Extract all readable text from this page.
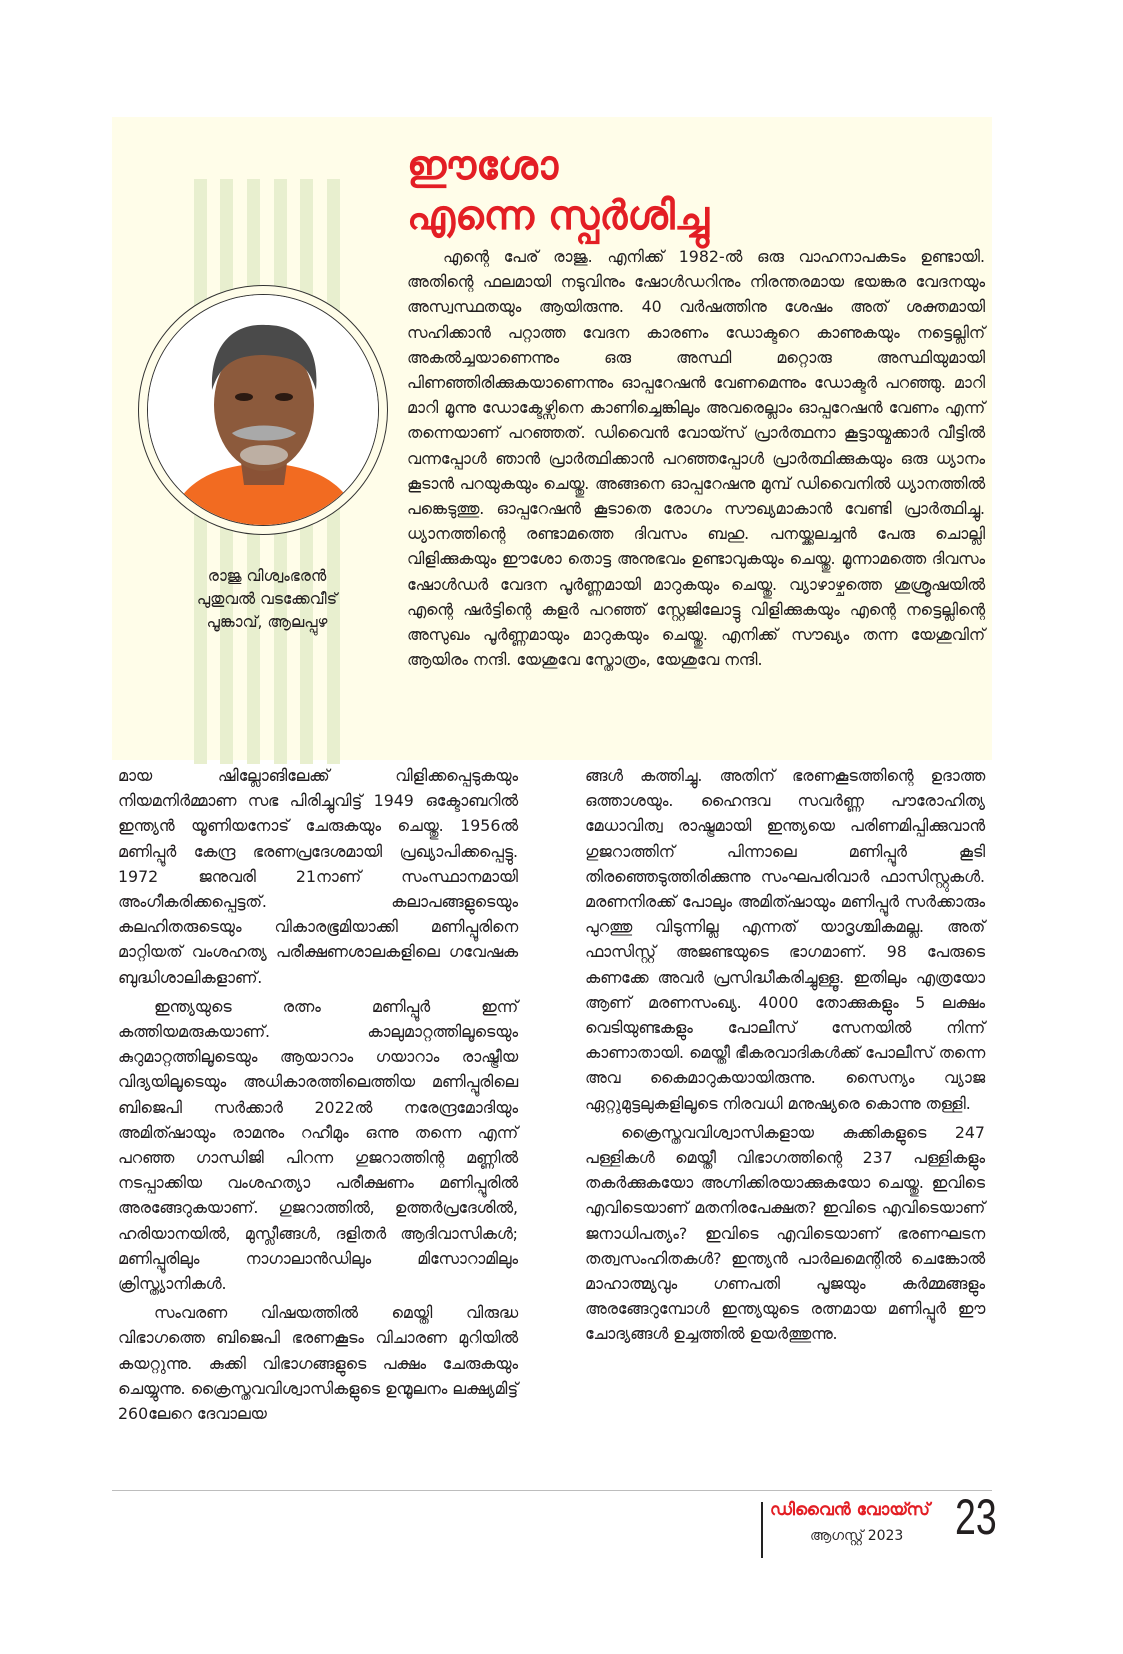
രാജു വിശ്വംഭരൻ
പുതുവൽ വടക്കേവീട്
പൂങ്കാവ്, ആലപ്പുഴ
ഈശോ
എന്നെ സ്പർശിച്ചു

എന്റെ പേര് രാജു. എനിക്ക് 1982-ൽ ഒരു വാഹനാപകടം ഉണ്ടായി. അതിന്റെ ഫലമായി നടുവിനും ഷോൾഡറിനും നിരന്തരമായ ഭയങ്കര വേദനയും അസ്വസ്ഥതയും ആയിരുന്നു. 40 വർഷത്തിനു ശേഷം അത് ശക്തമായി സഹിക്കാൻ പറ്റാത്ത വേദന കാരണം ഡോക്ടറെ കാണുകയും നട്ടെല്ലിന് അകൽച്ചയാണെന്നും ഒരു അസ്ഥി മറ്റൊരു അസ്ഥിയുമായി പിണഞ്ഞിരിക്കുകയാണെന്നും ഓപ്പറേഷൻ വേണമെന്നും ഡോക്ടർ പറഞ്ഞു. മാറി മാറി മൂന്നു ഡോക്ടേഴ്സിനെ കാണിച്ചെങ്കിലും അവരെല്ലാം ഓപ്പറേഷൻ വേണം എന്ന് തന്നെയാണ് പറഞ്ഞത്. ഡിവൈൻ വോയ്സ് പ്രാർത്ഥനാ കൂട്ടായ്മക്കാർ വീട്ടിൽ വന്നപ്പോൾ ഞാൻ പ്രാർത്ഥിക്കാൻ പറഞ്ഞപ്പോൾ പ്രാർത്ഥിക്കുകയും ഒരു ധ്യാനം കൂടാൻ പറയുകയും ചെയ്തു. അങ്ങനെ ഓപ്പറേഷനു മുമ്പ് ഡിവൈനിൽ ധ്യാനത്തിൽ പങ്കെടുത്തു. ഓപ്പറേഷൻ കൂടാതെ രോഗം സൗഖ്യമാകാൻ വേണ്ടി പ്രാർത്ഥിച്ചു. ധ്യാനത്തിന്റെ രണ്ടാമത്തെ ദിവസം ബഹു. പനയ്ക്കലച്ചൻ പേരു ചൊല്ലി വിളിക്കുകയും ഈശോ തൊട്ട അനുഭവം ഉണ്ടാവുകയും ചെയ്തു. മൂന്നാമത്തെ ദിവസം ഷോൾഡർ വേദന പൂർണ്ണമായി മാറുകയും ചെയ്തു. വ്യാഴാഴ്ചത്തെ ശുശ്രൂഷയിൽ എന്റെ ഷർട്ടിന്റെ കളർ പറഞ്ഞ് സ്റ്റേജിലോട്ടു വിളിക്കുകയും എന്റെ നട്ടെല്ലിന്റെ അസുഖം പൂർണ്ണമായും മാറുകയും ചെയ്തു. എനിക്ക് സൗഖ്യം തന്ന യേശുവിന് ആയിരം നന്ദി. യേശുവേ സ്തോത്രം, യേശുവേ നന്ദി.

മായ ഷില്ലോങിലേക്ക് വിളിക്കപ്പെടുകയും നിയമനിർമ്മാണ സഭ പിരിച്ചുവിട്ട് 1949 ഒക്ടോബറിൽ ഇന്ത്യൻ യൂണിയനോട് ചേരുകയും ചെയ്തു. 1956ൽ മണിപ്പൂർ കേന്ദ്ര ഭരണപ്രദേശമായി പ്രഖ്യാപിക്കപ്പെട്ടു. 1972 ജനുവരി 21നാണ് സംസ്ഥാനമായി അംഗീകരിക്കപ്പെട്ടത്. കലാപങ്ങളുടെയും കലഹിതരുടെയും വികാരഭൂമിയാക്കി മണിപ്പൂരിനെ മാറ്റിയത് വംശഹത്യ പരീക്ഷണശാലകളിലെ ഗവേഷക ബുദ്ധിശാലികളാണ്.

ഇന്ത്യയുടെ രത്നം മണിപ്പൂർ ഇന്ന് കത്തിയമരുകയാണ്. കാലുമാറ്റത്തിലൂടെയും കുറുമാറ്റത്തിലൂടെയും ആയാറാം ഗയാറാം രാഷ്ട്രീയ വിദ്യയിലൂടെയും അധികാരത്തിലെത്തിയ മണിപ്പൂരിലെ ബിജെപി സർക്കാർ 2022ൽ നരേന്ദ്രമോദിയും അമിത്ഷായും രാമനും റഹീമും ഒന്നു തന്നെ എന്ന് പറഞ്ഞ ഗാന്ധിജി പിറന്ന ഗുജറാത്തിന്റ മണ്ണിൽ നടപ്പാക്കിയ വംശഹത്യാ പരീക്ഷണം മണിപ്പൂരിൽ അരങ്ങേറുകയാണ്. ഗുജറാത്തിൽ, ഉത്തർപ്രദേശിൽ, ഹരിയാനയിൽ, മുസ്ലീങ്ങൾ, ദളിതർ ആദിവാസികൾ; മണിപ്പൂരിലും നാഗാലാൻഡിലും മിസോറാമിലും ക്രിസ്ത്യാനികൾ.

സംവരണ വിഷയത്തിൽ മെയ്തി വിരുദ്ധ വിഭാഗത്തെ ബിജെപി ഭരണകൂടം വിചാരണ മുറിയിൽ കയറ്റുന്നു. കുക്കി വിഭാഗങ്ങളുടെ പക്ഷം ചേരുകയും ചെയ്യുന്നു. ക്രൈസ്തവവിശ്വാസികളുടെ ഉന്മൂലനം ലക്ഷ്യമിട്ട് 260ലേറെ ദേവാലയ

ങ്ങൾ കത്തിച്ചു. അതിന് ഭരണകൂടത്തിന്റെ ഉദാത്ത ഒത്താശയും. ഹൈന്ദവ സവർണ്ണ പൗരോഹിത്യ മേധാവിത്വ രാഷ്ട്രമായി ഇന്ത്യയെ പരിണമിപ്പിക്കുവാൻ ഗുജറാത്തിന് പിന്നാലെ മണിപ്പൂർ കൂടി തിരഞ്ഞെടുത്തിരിക്കുന്നു സംഘപരിവാർ ഫാസിസ്റ്റുകൾ. മരണനിരക്ക് പോലും അമിത്ഷായും മണിപ്പൂർ സർക്കാരും പുറത്തു വിടുന്നില്ല എന്നത് യാദൃശ്ചികമല്ല. അത് ഫാസിസ്റ്റ് അജണ്ടയുടെ ഭാഗമാണ്. 98 പേരുടെ കണക്കേ അവർ പ്രസിദ്ധീകരിച്ചുള്ളൂ. ഇതിലും എത്രയോ ആണ് മരണസംഖ്യ. 4000 തോക്കുകളും 5 ലക്ഷം വെടിയുണ്ടകളും പോലീസ് സേനയിൽ നിന്ന് കാണാതായി. മെയ്തീ ഭീകരവാദികൾക്ക് പോലീസ് തന്നെ അവ കൈമാറുകയായിരുന്നു. സൈന്യം വ്യാജ ഏറ്റുമുട്ടലുകളിലൂടെ നിരവധി മനുഷ്യരെ കൊന്നു തള്ളി.

ക്രൈസ്തവവിശ്വാസികളായ കുക്കികളുടെ 247 പള്ളികൾ മെയ്തീ വിഭാഗത്തിന്റെ 237 പള്ളികളും തകർക്കുകയോ അഗ്നിക്കിരയാക്കുകയോ ചെയ്തു. ഇവിടെ എവിടെയാണ് മതനിരപേക്ഷത? ഇവിടെ എവിടെയാണ് ജനാധിപത്യം? ഇവിടെ എവിടെയാണ് ഭരണഘടന തത്വസംഹിതകൾ? ഇന്ത്യൻ പാർലമെന്റിൽ ചെങ്കോൽ മാഹാത്മ്യവും ഗണപതി പൂജയും കർമ്മങ്ങളും അരങ്ങേറുമ്പോൾ ഇന്ത്യയുടെ രത്നമായ മണിപ്പൂർ ഈ ചോദ്യങ്ങൾ ഉച്ചത്തിൽ ഉയർത്തുന്നു.

ഡിവൈൻ വോയ്സ്
ആഗസ്റ്റ് 2023 23
